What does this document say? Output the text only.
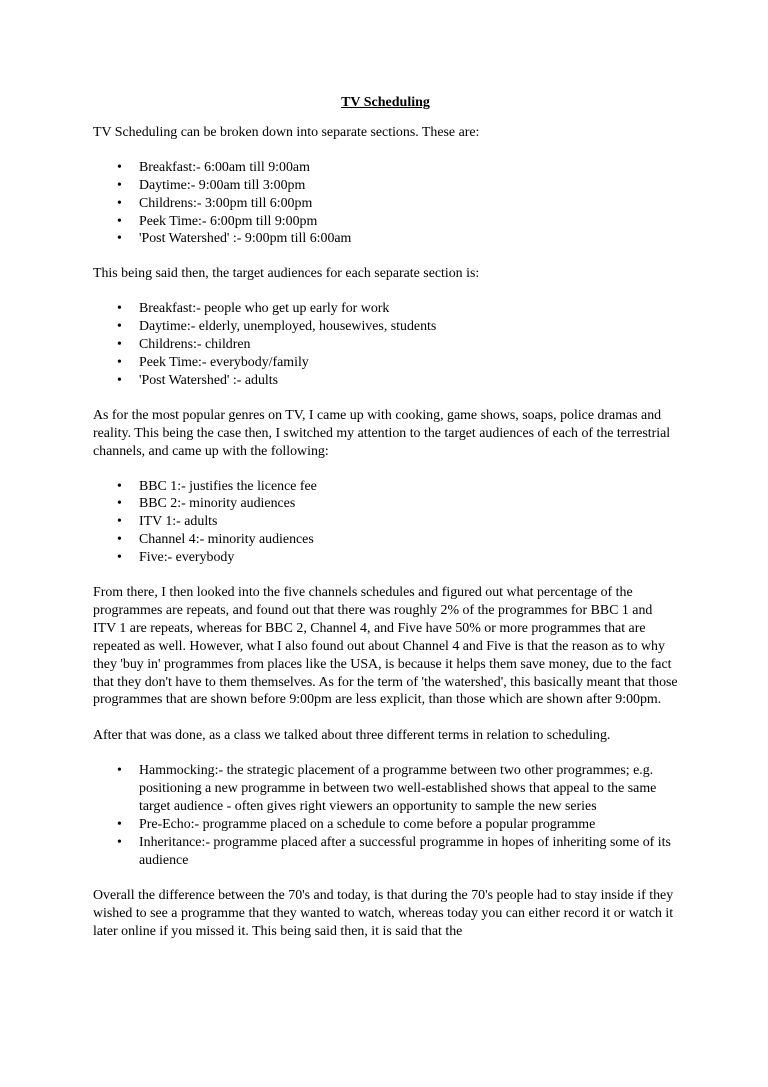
TV Scheduling

TV Scheduling can be broken down into separate sections. These are:

• Breakfast:- 6:00am till 9:00am
• Daytime:- 9:00am till 3:00pm
• Childrens:- 3:00pm till 6:00pm
• Peek Time:- 6:00pm till 9:00pm
• 'Post Watershed' :- 9:00pm till 6:00am

This being said then, the target audiences for each separate section is:

• Breakfast:- people who get up early for work
• Daytime:- elderly, unemployed, housewives, students
• Childrens:- children
• Peek Time:- everybody/family
• 'Post Watershed' :- adults

As for the most popular genres on TV, I came up with cooking, game shows, soaps, police dramas and reality. This being the case then, I switched my attention to the target audiences of each of the terrestrial channels, and came up with the following:

• BBC 1:- justifies the licence fee
• BBC 2:- minority audiences
• ITV 1:- adults
• Channel 4:- minority audiences
• Five:- everybody

From there, I then looked into the five channels schedules and figured out what percentage of the programmes are repeats, and found out that there was roughly 2% of the programmes for BBC 1 and ITV 1 are repeats, whereas for BBC 2, Channel 4, and Five have 50% or more programmes that are repeated as well. However, what I also found out about Channel 4 and Five is that the reason as to why they 'buy in' programmes from places like the USA, is because it helps them save money, due to the fact that they don't have to them themselves. As for the term of 'the watershed', this basically meant that those programmes that are shown before 9:00pm are less explicit, than those which are shown after 9:00pm.

After that was done, as a class we talked about three different terms in relation to scheduling.

• Hammocking:- the strategic placement of a programme between two other programmes; e.g. positioning a new programme in between two well-established shows that appeal to the same target audience - often gives right viewers an opportunity to sample the new series
• Pre-Echo:- programme placed on a schedule to come before a popular programme
• Inheritance:- programme placed after a successful programme in hopes of inheriting some of its audience

Overall the difference between the 70's and today, is that during the 70's people had to stay inside if they wished to see a programme that they wanted to watch, whereas today you can either record it or watch it later online if you missed it. This being said then, it is said that the
